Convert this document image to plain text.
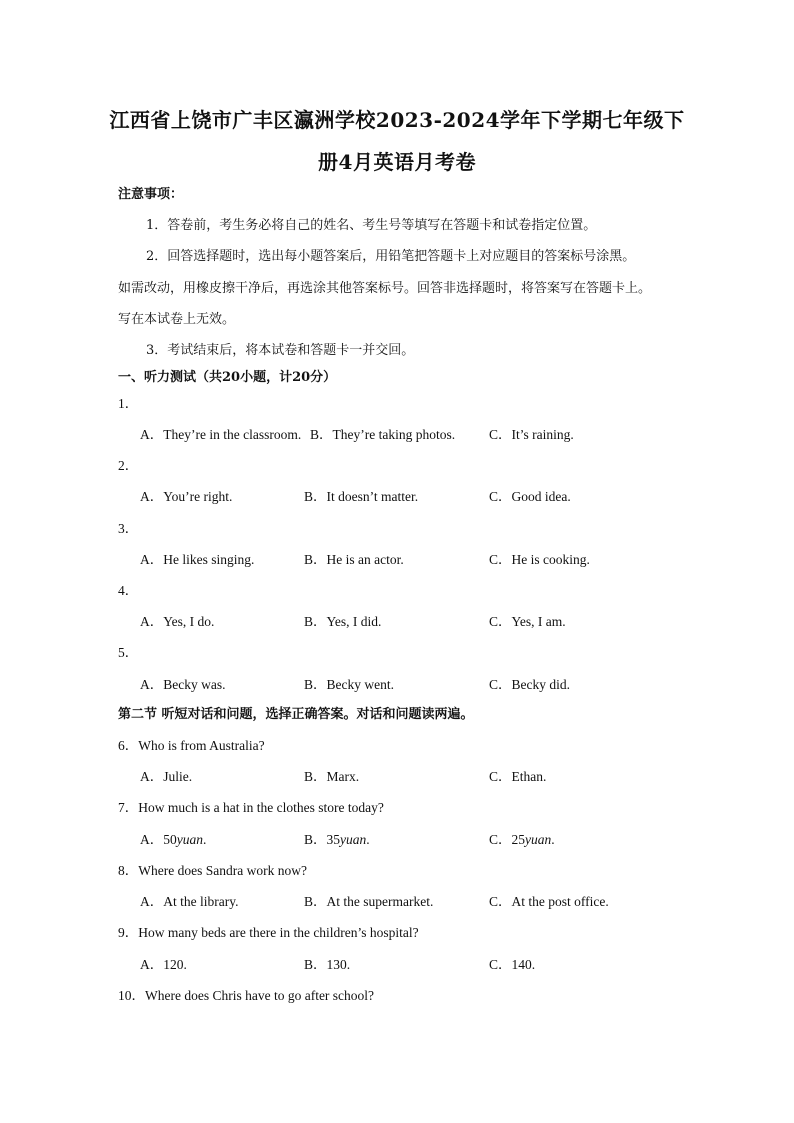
江西省上饶市广丰区瀛洲学校2023-2024学年下学期七年级下
册4月英语月考卷
注意事项：
1．答卷前，考生务必将自己的姓名、考生号等填写在答题卡和试卷指定位置。
2．回答选择题时，选出每小题答案后，用铅笔把答题卡上对应题目的答案标号涂黑。
如需改动，用橡皮擦干净后，再选涂其他答案标号。回答非选择题时，将答案写在答题卡上。
写在本试卷上无效。
3．考试结束后，将本试卷和答题卡一并交回。
一、听力测试（共20小题，计20分）
1．
A．They’re in the classroom. B．They’re taking photos.	C．It’s raining.
2．
A．You’re right.	B．It doesn’t matter.	C．Good idea.
3．
A．He likes singing.	B．He is an actor.	C．He is cooking.
4．
A．Yes, I do.	B．Yes, I did.	C．Yes, I am.
5．
A．Becky was.	B．Becky went.	C．Becky did.
第二节 听短对话和问题，选择正确答案。对话和问题读两遍。
6．Who is from Australia?
A．Julie.	B．Marx.	C．Ethan.
7．How much is a hat in the clothes store today?
A．50yuan.	B．35yuan.	C．25yuan.
8．Where does Sandra work now?
A．At the library.	B．At the supermarket.	C．At the post office.
9．How many beds are there in the children’s hospital?
A．120.	B．130.	C．140.
10．Where does Chris have to go after school?
